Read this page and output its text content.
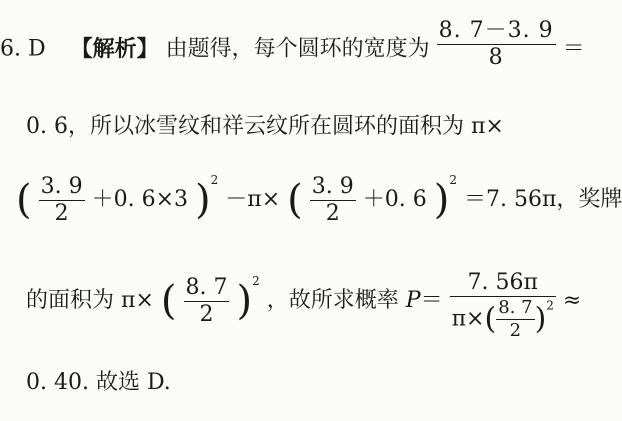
6. D 【解析】 由题得，每个圆环的宽度为 $\frac{8. 7-3. 9}{8}$ ＝
0. 6，所以冰雪纹和祥云纹所在圆环的面积为 π×
( $\frac{3. 9}{2} +0$. 6×3 )$^2$ －π× ( $\frac{3. 9}{2} +0$. 6 )$^2$ ＝7. 56π，奖牌
的面积为 π× ( $\frac{8. 7}{2} )^2$ ，故所求概率 $P= \frac{7. 56\pi}{\pi\times( \frac{8. 7}{2} )^2}$ ≈
0. 40. 故选 D.
